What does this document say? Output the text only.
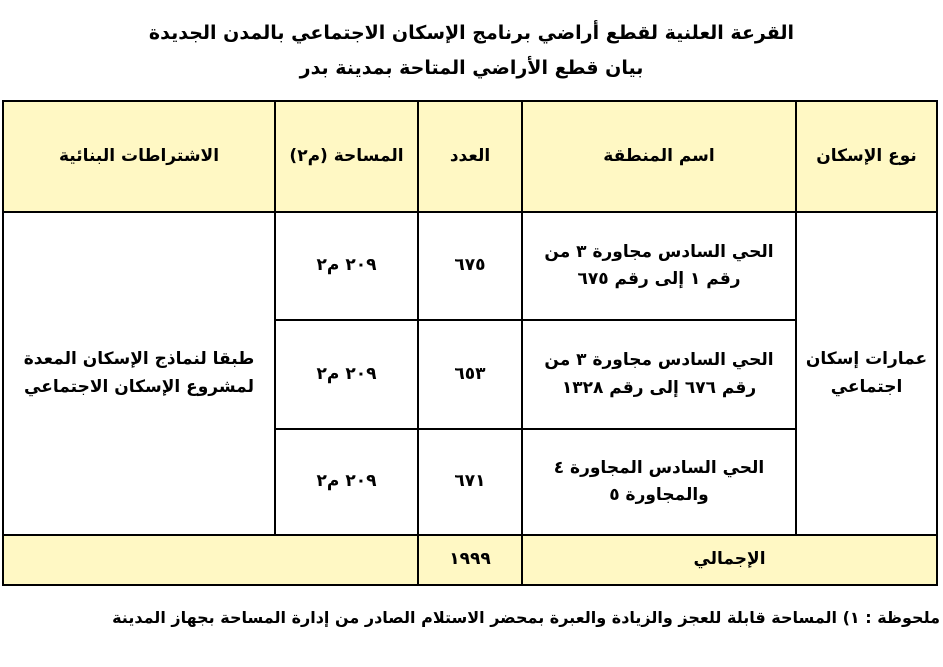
القرعة العلنية لقطع أراضي برنامج الإسكان الاجتماعي بالمدن الجديدة
بيان قطع الأراضي المتاحة بمدينة بدر
نوع الإسكان	اسم المنطقة	العدد	المساحة (م٢)	الاشتراطات البنائية
عمارات إسكان اجتماعي	الحي السادس مجاورة ٣ من رقم ١ إلى رقم ٦٧٥	٦٧٥	٢٠٩ م٢	طبقا لنماذج الإسكان المعدة لمشروع الإسكان الاجتماعي
	الحي السادس مجاورة ٣ من رقم ٦٧٦ إلى رقم ١٣٢٨	٦٥٣	٢٠٩ م٢	
	الحي السادس المجاورة ٤ والمجاورة ٥	٦٧١	٢٠٩ م٢	
الإجمالي		١٩٩٩		
ملحوظة : ١) المساحة قابلة للعجز والزيادة والعبرة بمحضر الاستلام الصادر من إدارة المساحة بجهاز المدينة
